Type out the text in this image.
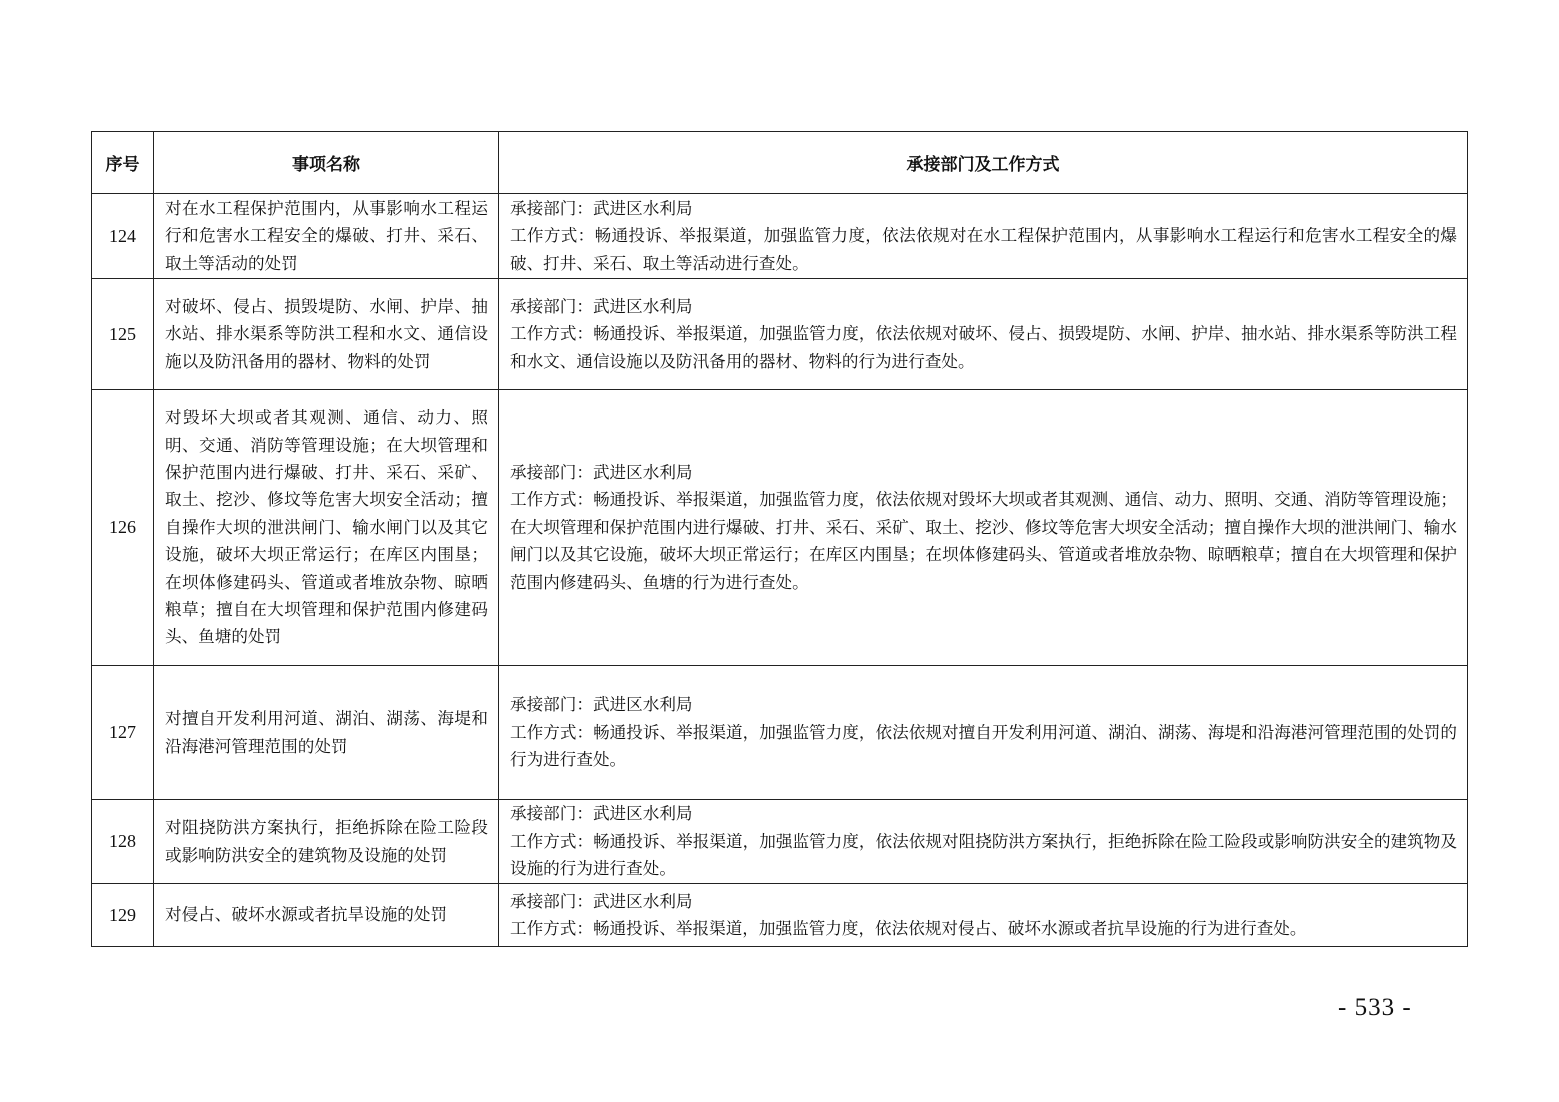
序号	事项名称	承接部门及工作方式
124	对在水工程保护范围内，从事影响水工程运行和危害水工程安全的爆破、打井、采石、取土等活动的处罚	承接部门：武进区水利局
工作方式：畅通投诉、举报渠道，加强监管力度，依法依规对在水工程保护范围内，从事影响水工程运行和危害水工程安全的爆破、打井、采石、取土等活动进行查处。

125	对破坏、侵占、损毁堤防、水闸、护岸、抽水站、排水渠系等防洪工程和水文、通信设施以及防汛备用的器材、物料的处罚	承接部门：武进区水利局
工作方式：畅通投诉、举报渠道，加强监管力度，依法依规对破坏、侵占、损毁堤防、水闸、护岸、抽水站、排水渠系等防洪工程和水文、通信设施以及防汛备用的器材、物料的行为进行查处。

126	对毁坏大坝或者其观测、通信、动力、照明、交通、消防等管理设施；在大坝管理和保护范围内进行爆破、打井、采石、采矿、取土、挖沙、修坟等危害大坝安全活动；擅自操作大坝的泄洪闸门、输水闸门以及其它设施，破坏大坝正常运行；在库区内围垦；在坝体修建码头、管道或者堆放杂物、晾晒粮草；擅自在大坝管理和保护范围内修建码头、鱼塘的处罚	承接部门：武进区水利局
工作方式：畅通投诉、举报渠道，加强监管力度，依法依规对毁坏大坝或者其观测、通信、动力、照明、交通、消防等管理设施；在大坝管理和保护范围内进行爆破、打井、采石、采矿、取土、挖沙、修坟等危害大坝安全活动；擅自操作大坝的泄洪闸门、输水闸门以及其它设施，破坏大坝正常运行；在库区内围垦；在坝体修建码头、管道或者堆放杂物、晾晒粮草；擅自在大坝管理和保护范围内修建码头、鱼塘的行为进行查处。

127	对擅自开发利用河道、湖泊、湖荡、海堤和沿海港河管理范围的处罚	承接部门：武进区水利局
工作方式：畅通投诉、举报渠道，加强监管力度，依法依规对擅自开发利用河道、湖泊、湖荡、海堤和沿海港河管理范围的处罚的行为进行查处。

128	对阻挠防洪方案执行，拒绝拆除在险工险段或影响防洪安全的建筑物及设施的处罚	承接部门：武进区水利局
工作方式：畅通投诉、举报渠道，加强监管力度，依法依规对阻挠防洪方案执行，拒绝拆除在险工险段或影响防洪安全的建筑物及设施的行为进行查处。

129	对侵占、破坏水源或者抗旱设施的处罚	承接部门：武进区水利局
工作方式：畅通投诉、举报渠道，加强监管力度，依法依规对侵占、破坏水源或者抗旱设施的行为进行查处。
- 533 -
